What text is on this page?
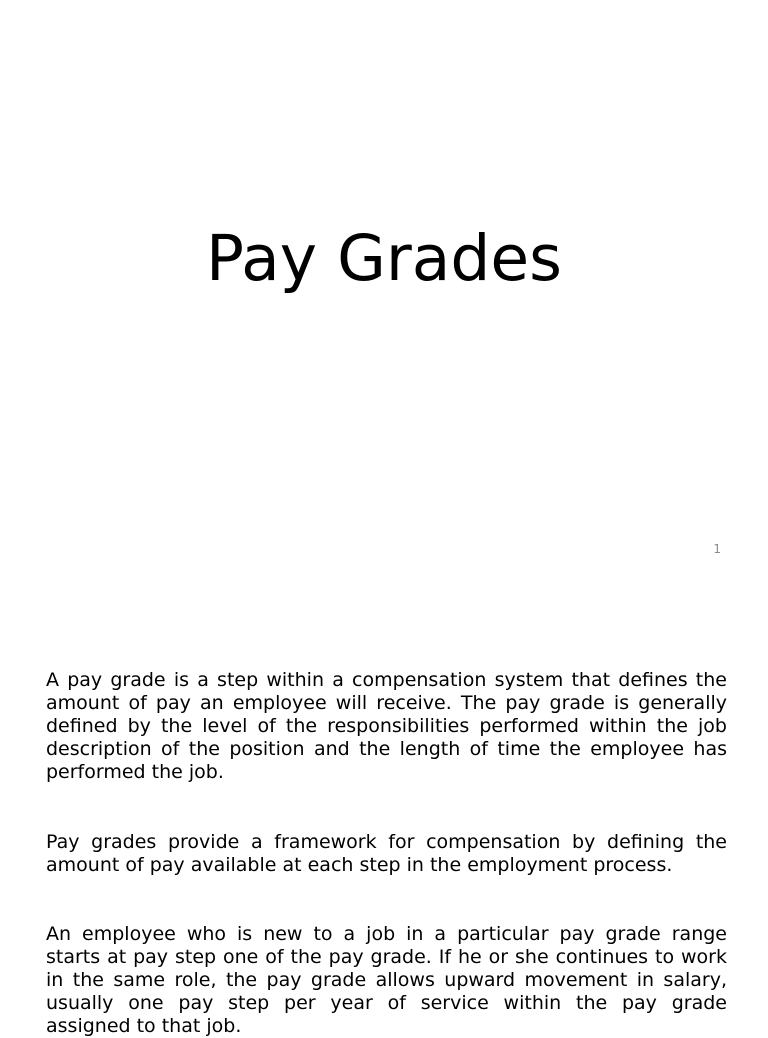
Pay Grades
1
A pay grade is a step within a compensation system that defines the
amount of pay an employee will receive. The pay grade is generally
defined by the level of the responsibilities performed within the job
description of the position and the length of time the employee has
performed the job.
Pay grades provide a framework for compensation by defining the
amount of pay available at each step in the employment process.
An employee who is new to a job in a particular pay grade range
starts at pay step one of the pay grade. If he or she continues to work
in the same role, the pay grade allows upward movement in salary,
usually one pay step per year of service within the pay grade
assigned to that job.
